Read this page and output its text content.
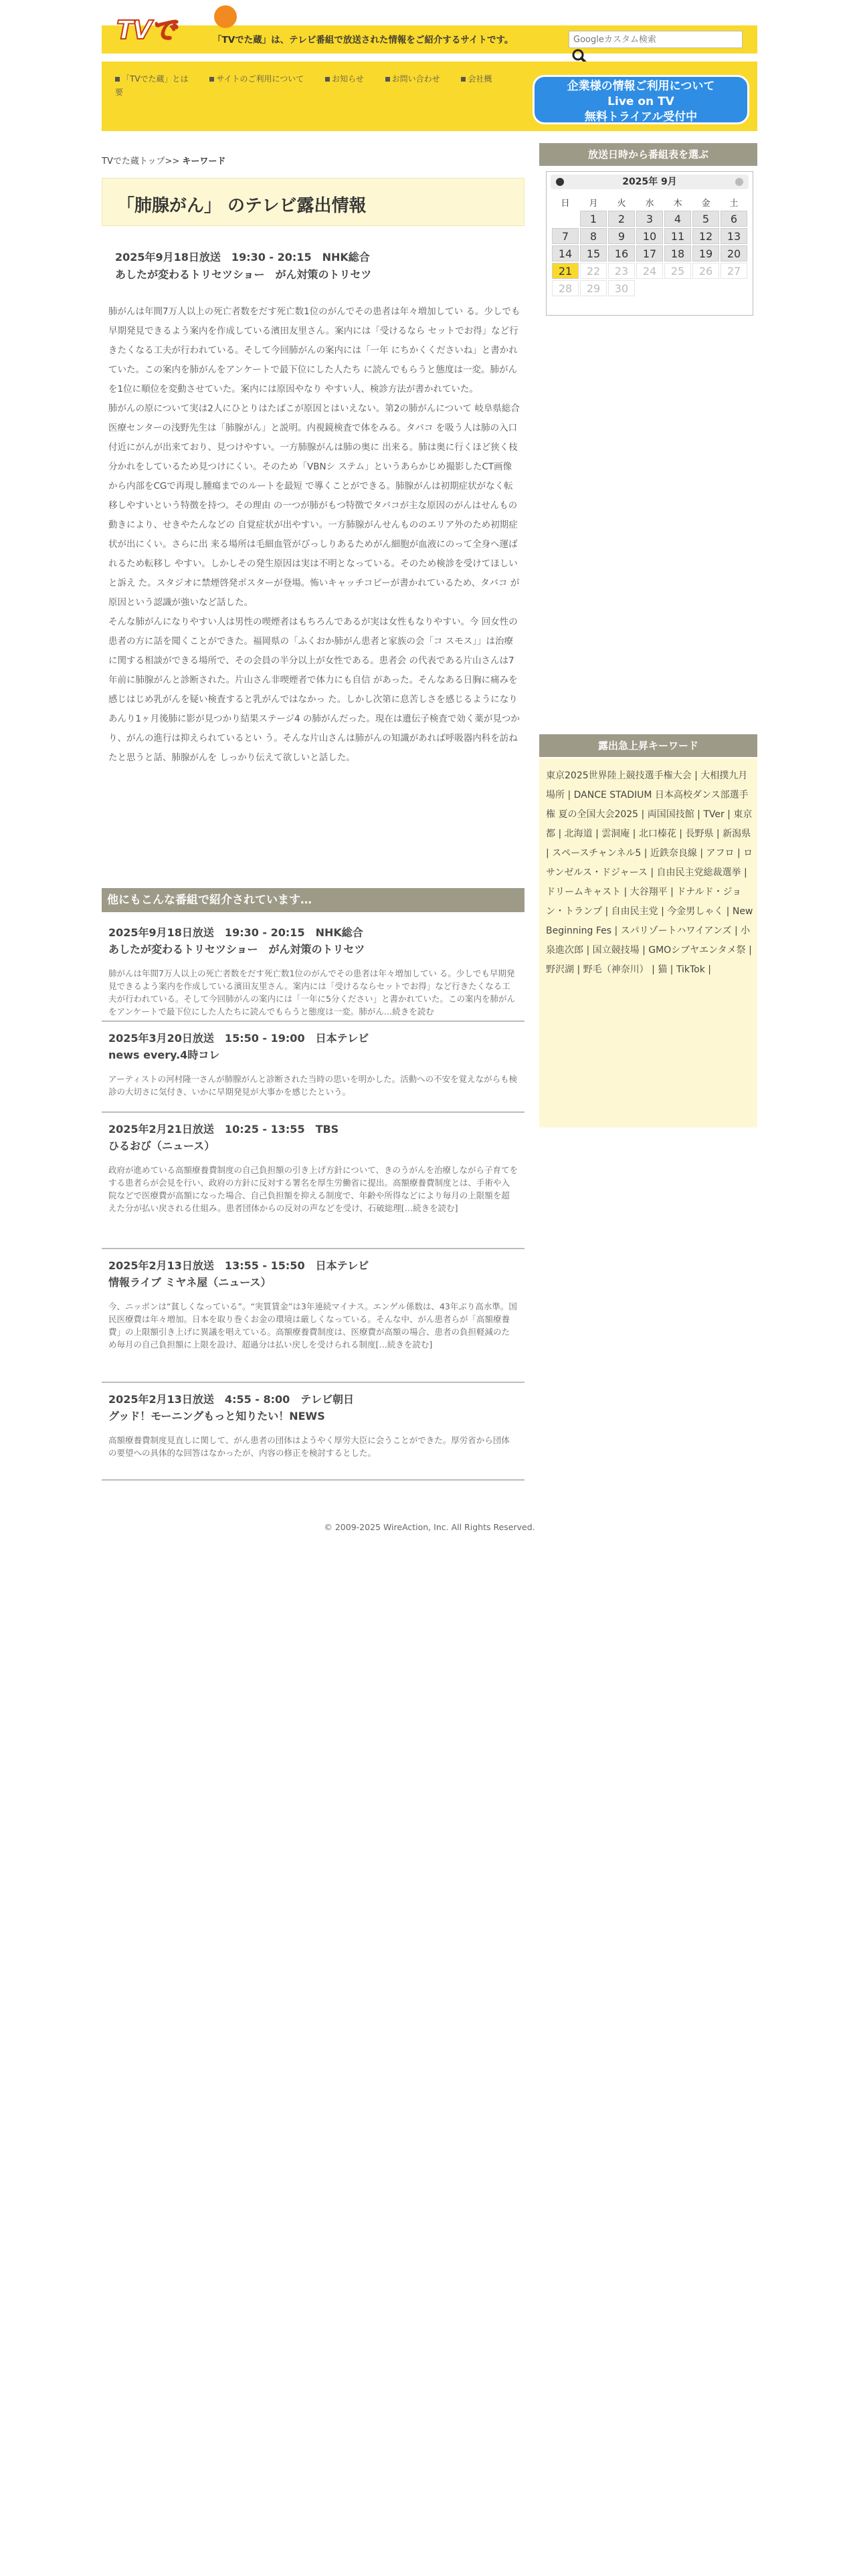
TVで	「TVでた蔵」は、テレビ番組で放送された情報をご紹介するサイトです。
Googleカスタム検索
「TVでた蔵」とは	サイトのご利用について	お知らせ	お問い合わせ	会社概
要	企業様の情報ご利用について
Live on TV
無料トライアル受付中
TVでた蔵トップ>> キーワード
「肺腺がん」 のテレビ露出情報
2025年9月18日放送　19:30 - 20:15　NHK総合
あしたが変わるトリセツショー　がん対策のトリセツ
肺がんは年間7万人以上の死亡者数をだす死亡数1位のがんでその患者は年々増加してい る。少しでも早期発見できるよう案内を作成している濱田友里さん。案内には「受けるなら セットでお得」など行きたくなる工夫が行われている。そして今回肺がんの案内には「一年 にちかくくださいね」と書かれていた。この案内を肺がんをアンケートで最下位にした人たち に読んでもらうと態度は一変。肺がんを1位に順位を変動させていた。案内には原因やなり やすい人、検診方法が書かれていた。
肺がんの原について実は2人にひとりはたばこが原因とはいえない。第2の肺がんについて 岐阜県総合医療センターの浅野先生は「肺腺がん」と説明。内視鏡検査で体をみる。タバコ を吸う人は肺の入口付近にがんが出来ており、見つけやすい。一方肺腺がんは肺の奥に 出来る。肺は奥に行くほど狭く枝分かれをしているため見つけにくい。そのため「VBNシ ステム」というあらかじめ撮影したCT画像から内部をCGで再現し腫瘍までのルートを最短 で導くことができる。肺腺がんは初期症状がなく転移しやすいという特徴を持つ。その理由 の一つが肺がもつ特徴でタバコが主な原因のがんはせんもの動きにより、せきやたんなどの 自覚症状が出やすい。一方肺腺がんせんもののエリア外のため初期症状が出にくい。さらに出 来る場所は毛細血管がびっしりあるためがん細胞が血液にのって全身へ運ばれるため転移し やすい。しかしその発生原因は実は不明となっている。そのため検診を受けてほしいと訴え た。スタジオに禁煙啓発ポスターが登場。怖いキャッチコピーが書かれているため、タバコ が原因という認識が強いなど話した。
そんな肺がんになりやすい人は男性の喫煙者はもちろんであるが実は女性もなりやすい。今 回女性の患者の方に話を聞くことができた。福岡県の「ふくおか肺がん患者と家族の会「コ スモス」」は治療に関する相談ができる場所で、その会員の半分以上が女性である。患者会 の代表である片山さんは7年前に肺腺がんと診断された。片山さん非喫煙者で体力にも自信 があった。そんなある日胸に痛みを感じはじめ乳がんを疑い検査すると乳がんではなかっ た。しかし次第に息苦しさを感じるようになりあんり1ヶ月後肺に影が見つかり結果ステージ4 の肺がんだった。現在は遺伝子検査で効く薬が見つかり、がんの進行は抑えられているとい う。そんな片山さんは肺がんの知識があれば呼吸器内科を訪ねたと思うと話、肺腺がんを しっかり伝えて欲しいと話した。
他にもこんな番組で紹介されています…
2025年9月18日放送　19:30 - 20:15　NHK総合
あしたが変わるトリセツショー　がん対策のトリセツ
肺がんは年間7万人以上の死亡者数をだす死亡数1位のがんでその患者は年々増加してい る。少しでも早期発見できるよう案内を作成している濱田友里さん。案内には「受けるならセットでお得」など行きたくなる工夫が行われている。そして今回肺がんの案内には「一年に5分ください」と書かれていた。この案内を肺がんをアンケートで最下位にした人たちに読んでもらうと態度は一変。肺がん…続きを読む
2025年3月20日放送　15:50 - 19:00　日本テレビ
news every.4時コレ
アーティストの河村隆一さんが肺腺がんと診断された当時の思いを明かした。活動への不安を覚えながらも検診の大切さに気付き、いかに早期発見が大事かを感じたという。
2025年2月21日放送　10:25 - 13:55　TBS
ひるおび（ニュース）
政府が進めている高額療養費制度の自己負担額の引き上げ方針について、きのうがんを治療しながら子育てをする患者らが会見を行い、政府の方針に反対する署名を厚生労働省に提出。高額療養費制度とは、手術や入院などで医療費が高額になった場合、自己負担額を抑える制度で、年齢や所得などにより毎月の上限額を超えた分が払い戻される仕組み。患者団体からの反対の声などを受け、石破総理[…続きを読む]
2025年2月13日放送　13:55 - 15:50　日本テレビ
情報ライブ ミヤネ屋（ニュース）
今、ニッポンは“貧しくなっている”。“実質賃金”は3年連続マイナス。エンゲル係数は、43年ぶり高水準。国民医療費は年々増加。日本を取り巻くお金の環境は厳しくなっている。そんな中、がん患者らが「高額療養費」の上限額引き上げに異議を唱えている。高額療養費制度は、医療費が高額の場合、患者の負担軽減のため毎月の自己負担額に上限を設け、超過分は払い戻しを受けられる制度[…続きを読む]
2025年2月13日放送　4:55 - 8:00　テレビ朝日
グッド！モーニングもっと知りたい！NEWS
高額療養費制度見直しに関して、がん患者の団体はようやく厚労大臣に会うことができた。厚労省から団体の要望への具体的な回答はなかったが、内容の修正を検討するとした。
放送日時から番組表を選ぶ
2025年 9月
日	月	火	水	木	金	土
	1	2	3	4	5	6
7	8	9	10	11	12	13
14	15	16	17	18	19	20
21	22	23	24	25	26	27
28	29	30				
露出急上昇キーワード
東京2025世界陸上競技選手権大会 | 大相撲九月場所 | DANCE STADIUM 日本高校ダンス部選手権 夏の全国大会2025 | 両国国技館 | TVer | 東京都 | 北海道 | 雲洞庵 | 北口榛花 | 長野県 | 新潟県 | スペースチャンネル5 | 近鉄奈良線 | アフロ | ロサンゼルス・ドジャース | 自由民主党総裁選挙 | ドリームキャスト | 大谷翔平 | ドナルド・ジョン・トランプ | 自由民主党 | 今金男しゃく | New Beginning Fes | スパリゾートハワイアンズ | 小泉進次郎 | 国立競技場 | GMOシブヤエンタメ祭 | 野沢湖 | 野毛（神奈川） | 猫 | TikTok |
© 2009-2025 WireAction, Inc. All Rights Reserved.
